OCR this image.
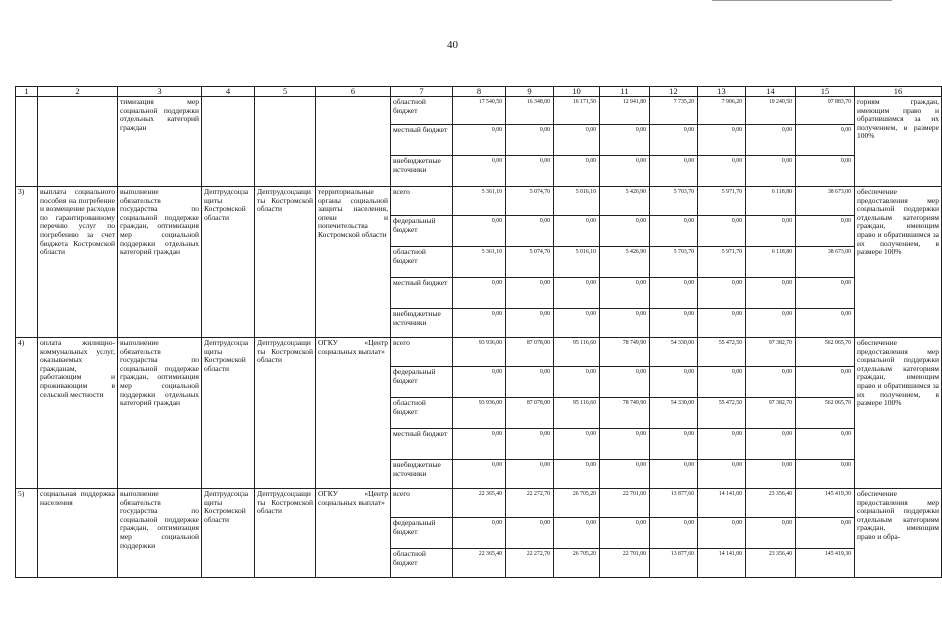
40
1	2	3	4	5	6	7	8	9	10	11	12	13	14	15	16
		тимизация мер социальной поддержки отдельных категорий граждан				областной бюджет	17 540,50	16 348,00	16 171,50	12 941,80	7 735,20	7 906,20	19 240,50	97 883,70	гориям граждан, имеющим право и обратившимся за их получением, в размере 100%
						местный бюджет	0,00	0,00	0,00	0,00	0,00	0,00	0,00	0,00	
						внебюджетные источники	0,00	0,00	0,00	0,00	0,00	0,00	0,00	0,00	
3)	выплата социального пособия на погребение и возмещение расходов по гарантированному перечню услуг по погребению за счет бюджета Костромской области	выполнение обязательств государства по социальной поддержке граждан, оптимизация мер социальной поддержки отдельных категорий граждан	Дептрудсоцзащиты Костромской области	Дептрудсоцзащиты Костромской области	территориальные органы социальной защиты населения, опеки и попечительства Костромской области	всего	5 361,10	5 074,70	5 016,10	5 426,90	5 703,70	5 971,70	6 118,80	38 673,00	обеспечение предоставления мер социальной поддержки отдельным категориям граждан, имеющим право и обратившимся за их получением, в размере 100%
						федеральный бюджет	0,00	0,00	0,00	0,00	0,00	0,00	0,00	0,00	
						областной бюджет	5 361,10	5 074,70	5 016,10	5 426,90	5 703,70	5 971,70	6 118,80	38 673,00	
						местный бюджет	0,00	0,00	0,00	0,00	0,00	0,00	0,00	0,00	
						внебюджетные источники	0,00	0,00	0,00	0,00	0,00	0,00	0,00	0,00	
4)	оплата жилищно-коммунальных услуг, оказываемых гражданам, работающим и проживающим в сельской местности	выполнение обязательств государства по социальной поддержке граждан, оптимизация мер социальной поддержки отдельных категорий граждан	Дептрудсоцзащиты Костромской области	Дептрудсоцзащиты Костромской области	ОГКУ «Центр социальных выплат»	всего	93 936,00	87 078,00	95 116,60	78 749,90	54 330,00	55 472,50	97 382,70	562 065,70	обеспечение предоставления мер социальной поддержки отдельным категориям граждан, имеющим право и обратившимся за их получением, в размере 100%
						федеральный бюджет	0,00	0,00	0,00	0,00	0,00	0,00	0,00	0,00	
						областной бюджет	93 936,00	87 078,00	95 116,60	78 749,90	54 330,00	55 472,50	97 382,70	562 065,70	
						местный бюджет	0,00	0,00	0,00	0,00	0,00	0,00	0,00	0,00	
						внебюджетные источники	0,00	0,00	0,00	0,00	0,00	0,00	0,00	0,00	
5)	социальная поддержка населения	выполнение обязательств государства по социальной поддержке граждан, оптимизация мер социальной поддержки	Дептрудсоцзащиты Костромской области	Дептрудсоцзащиты Костромской области	ОГКУ «Центр социальных выплат»	всего	22 365,40	22 272,70	26 705,20	22 701,00	13 877,60	14 141,00	23 356,40	145 419,30	обеспечение предоставления мер социальной поддержки отдельным категориям граждан, имеющим право и обра-
						федеральный бюджет	0,00	0,00	0,00	0,00	0,00	0,00	0,00	0,00	
						областной бюджет	22 365,40	22 272,70	26 705,20	22 701,00	13 877,60	14 141,00	23 356,40	145 419,30	
